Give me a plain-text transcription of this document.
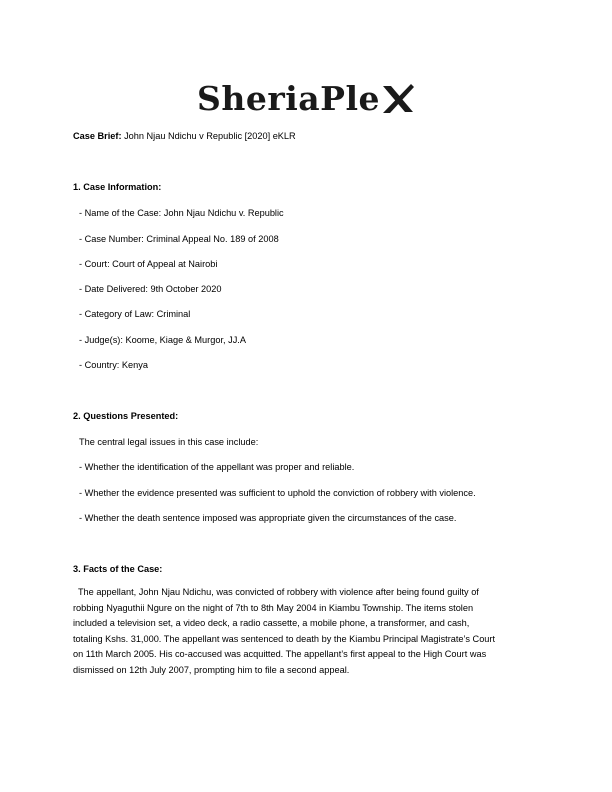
SheriaPle
Case Brief: John Njau Ndichu v Republic [2020] eKLR
1. Case Information:
- Name of the Case: John Njau Ndichu v. Republic
- Case Number: Criminal Appeal No. 189 of 2008
- Court: Court of Appeal at Nairobi
- Date Delivered: 9th October 2020
- Category of Law: Criminal
- Judge(s): Koome, Kiage & Murgor, JJ.A
- Country: Kenya
2. Questions Presented:
The central legal issues in this case include:
- Whether the identification of the appellant was proper and reliable.
- Whether the evidence presented was sufficient to uphold the conviction of robbery with violence.
- Whether the death sentence imposed was appropriate given the circumstances of the case.
3. Facts of the Case:
The appellant, John Njau Ndichu, was convicted of robbery with violence after being found guilty of
robbing Nyaguthii Ngure on the night of 7th to 8th May 2004 in Kiambu Township. The items stolen
included a television set, a video deck, a radio cassette, a mobile phone, a transformer, and cash,
totaling Kshs. 31,000. The appellant was sentenced to death by the Kiambu Principal Magistrate’s Court
on 11th March 2005. His co-accused was acquitted. The appellant’s first appeal to the High Court was
dismissed on 12th July 2007, prompting him to file a second appeal.
